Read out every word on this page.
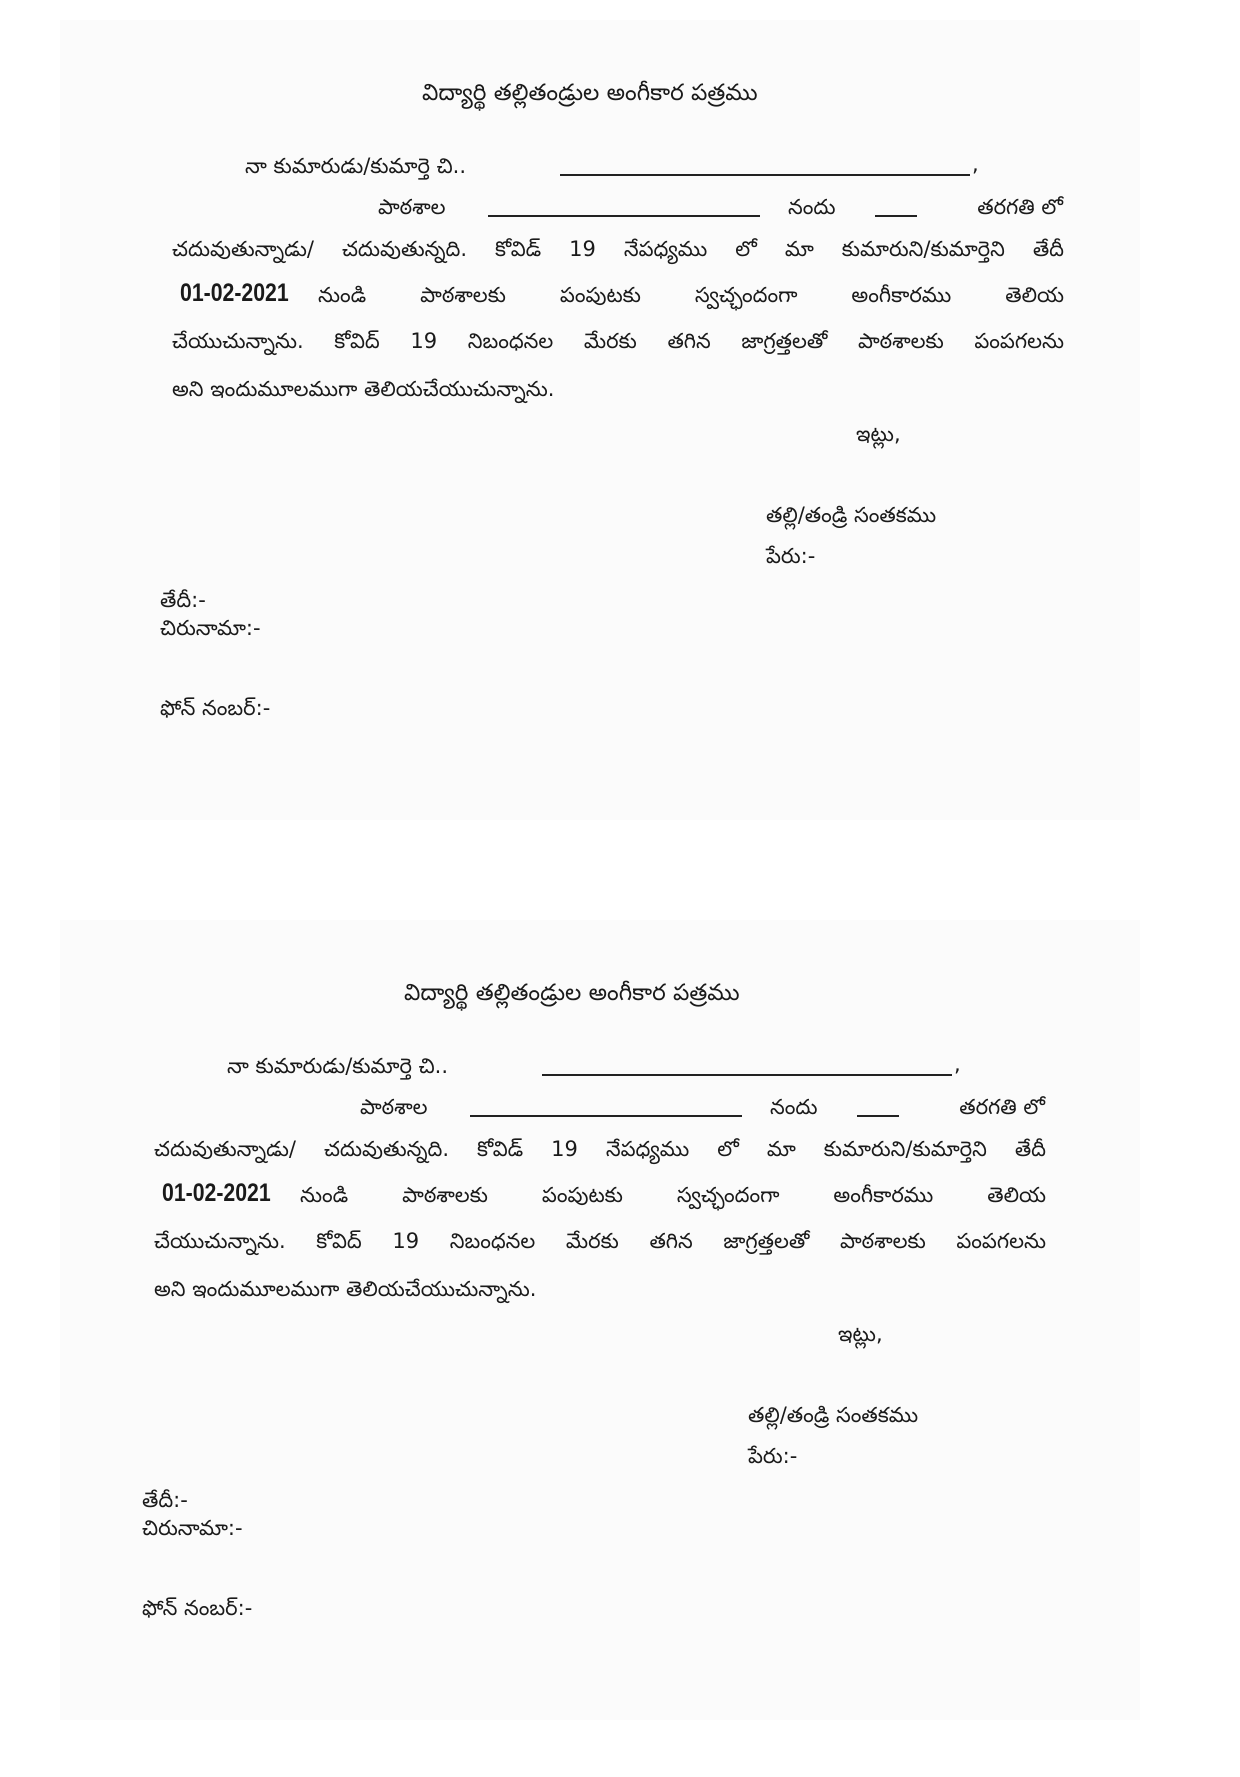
విద్యార్థి తల్లితండ్రుల అంగీకార పత్రము
నా కుమారుడు/కుమార్తె చి..	,
పాఠశాల	నందు	తరగతి లో
చదువుతున్నాడు/ చదువుతున్నది. కోవిడ్ 19 నేపధ్యము లో మా కుమారుని/కుమార్తెని తేదీ
01-02-2021	నుండి పాఠశాలకు పంపుటకు స్వచ్ఛందంగా అంగీకారము తెలియ
చేయుచున్నాను. కోవిద్ 19 నిబంధనల మేరకు తగిన జాగ్రత్తలతో పాఠశాలకు పంపగలను
అని ఇందుమూలముగా తెలియచేయుచున్నాను.
ఇట్లు,
తల్లి/తండ్రి సంతకము
పేరు:-
తేదీ:-
చిరునామా:-
ఫోన్ నంబర్:-
విద్యార్థి తల్లితండ్రుల అంగీకార పత్రము
నా కుమారుడు/కుమార్తె చి..	,
పాఠశాల	నందు	తరగతి లో
చదువుతున్నాడు/ చదువుతున్నది. కోవిడ్ 19 నేపధ్యము లో మా కుమారుని/కుమార్తెని తేదీ
01-02-2021	నుండి పాఠశాలకు పంపుటకు స్వచ్ఛందంగా అంగీకారము తెలియ
చేయుచున్నాను. కోవిద్ 19 నిబంధనల మేరకు తగిన జాగ్రత్తలతో పాఠశాలకు పంపగలను
అని ఇందుమూలముగా తెలియచేయుచున్నాను.
ఇట్లు,
తల్లి/తండ్రి సంతకము
పేరు:-
తేదీ:-
చిరునామా:-
ఫోన్ నంబర్:-
